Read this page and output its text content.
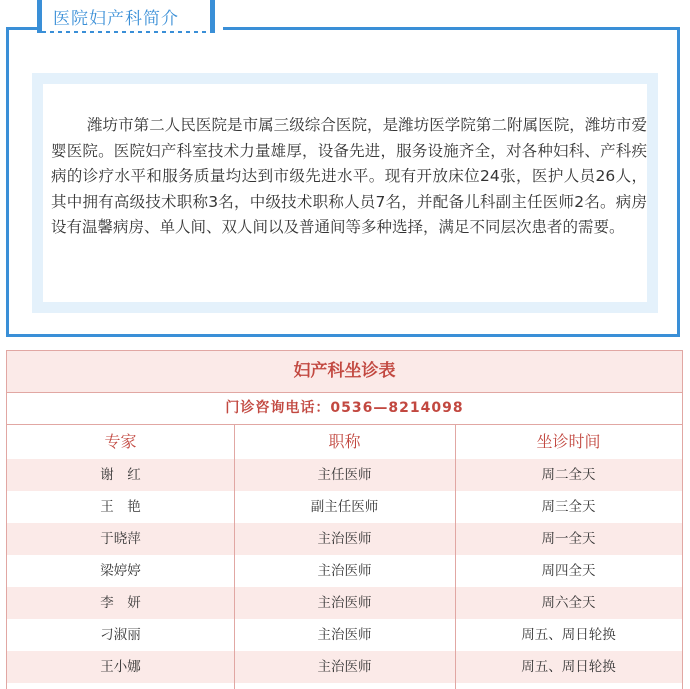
医院妇产科简介

潍坊市第二人民医院是市属三级综合医院，是潍坊医学院第二附属医院，潍坊市爱婴医院。医院妇产科室技术力量雄厚，设备先进，服务设施齐全，对各种妇科、产科疾病的诊疗水平和服务质量均达到市级先进水平。现有开放床位24张，医护人员26人，其中拥有高级技术职称3名，中级技术职称人员7名，并配备儿科副主任医师2名。病房设有温馨病房、单人间、双人间以及普通间等多种选择，满足不同层次患者的需要。

妇产科坐诊表
门诊咨询电话：0536—8214098
专家	职称	坐诊时间
谢　红	主任医师	周二全天
王　艳	副主任医师	周三全天
于晓萍	主治医师	周一全天
梁婷婷	主治医师	周四全天
李　妍	主治医师	周六全天
刁淑丽	主治医师	周五、周日轮换
王小娜	主治医师	周五、周日轮换
